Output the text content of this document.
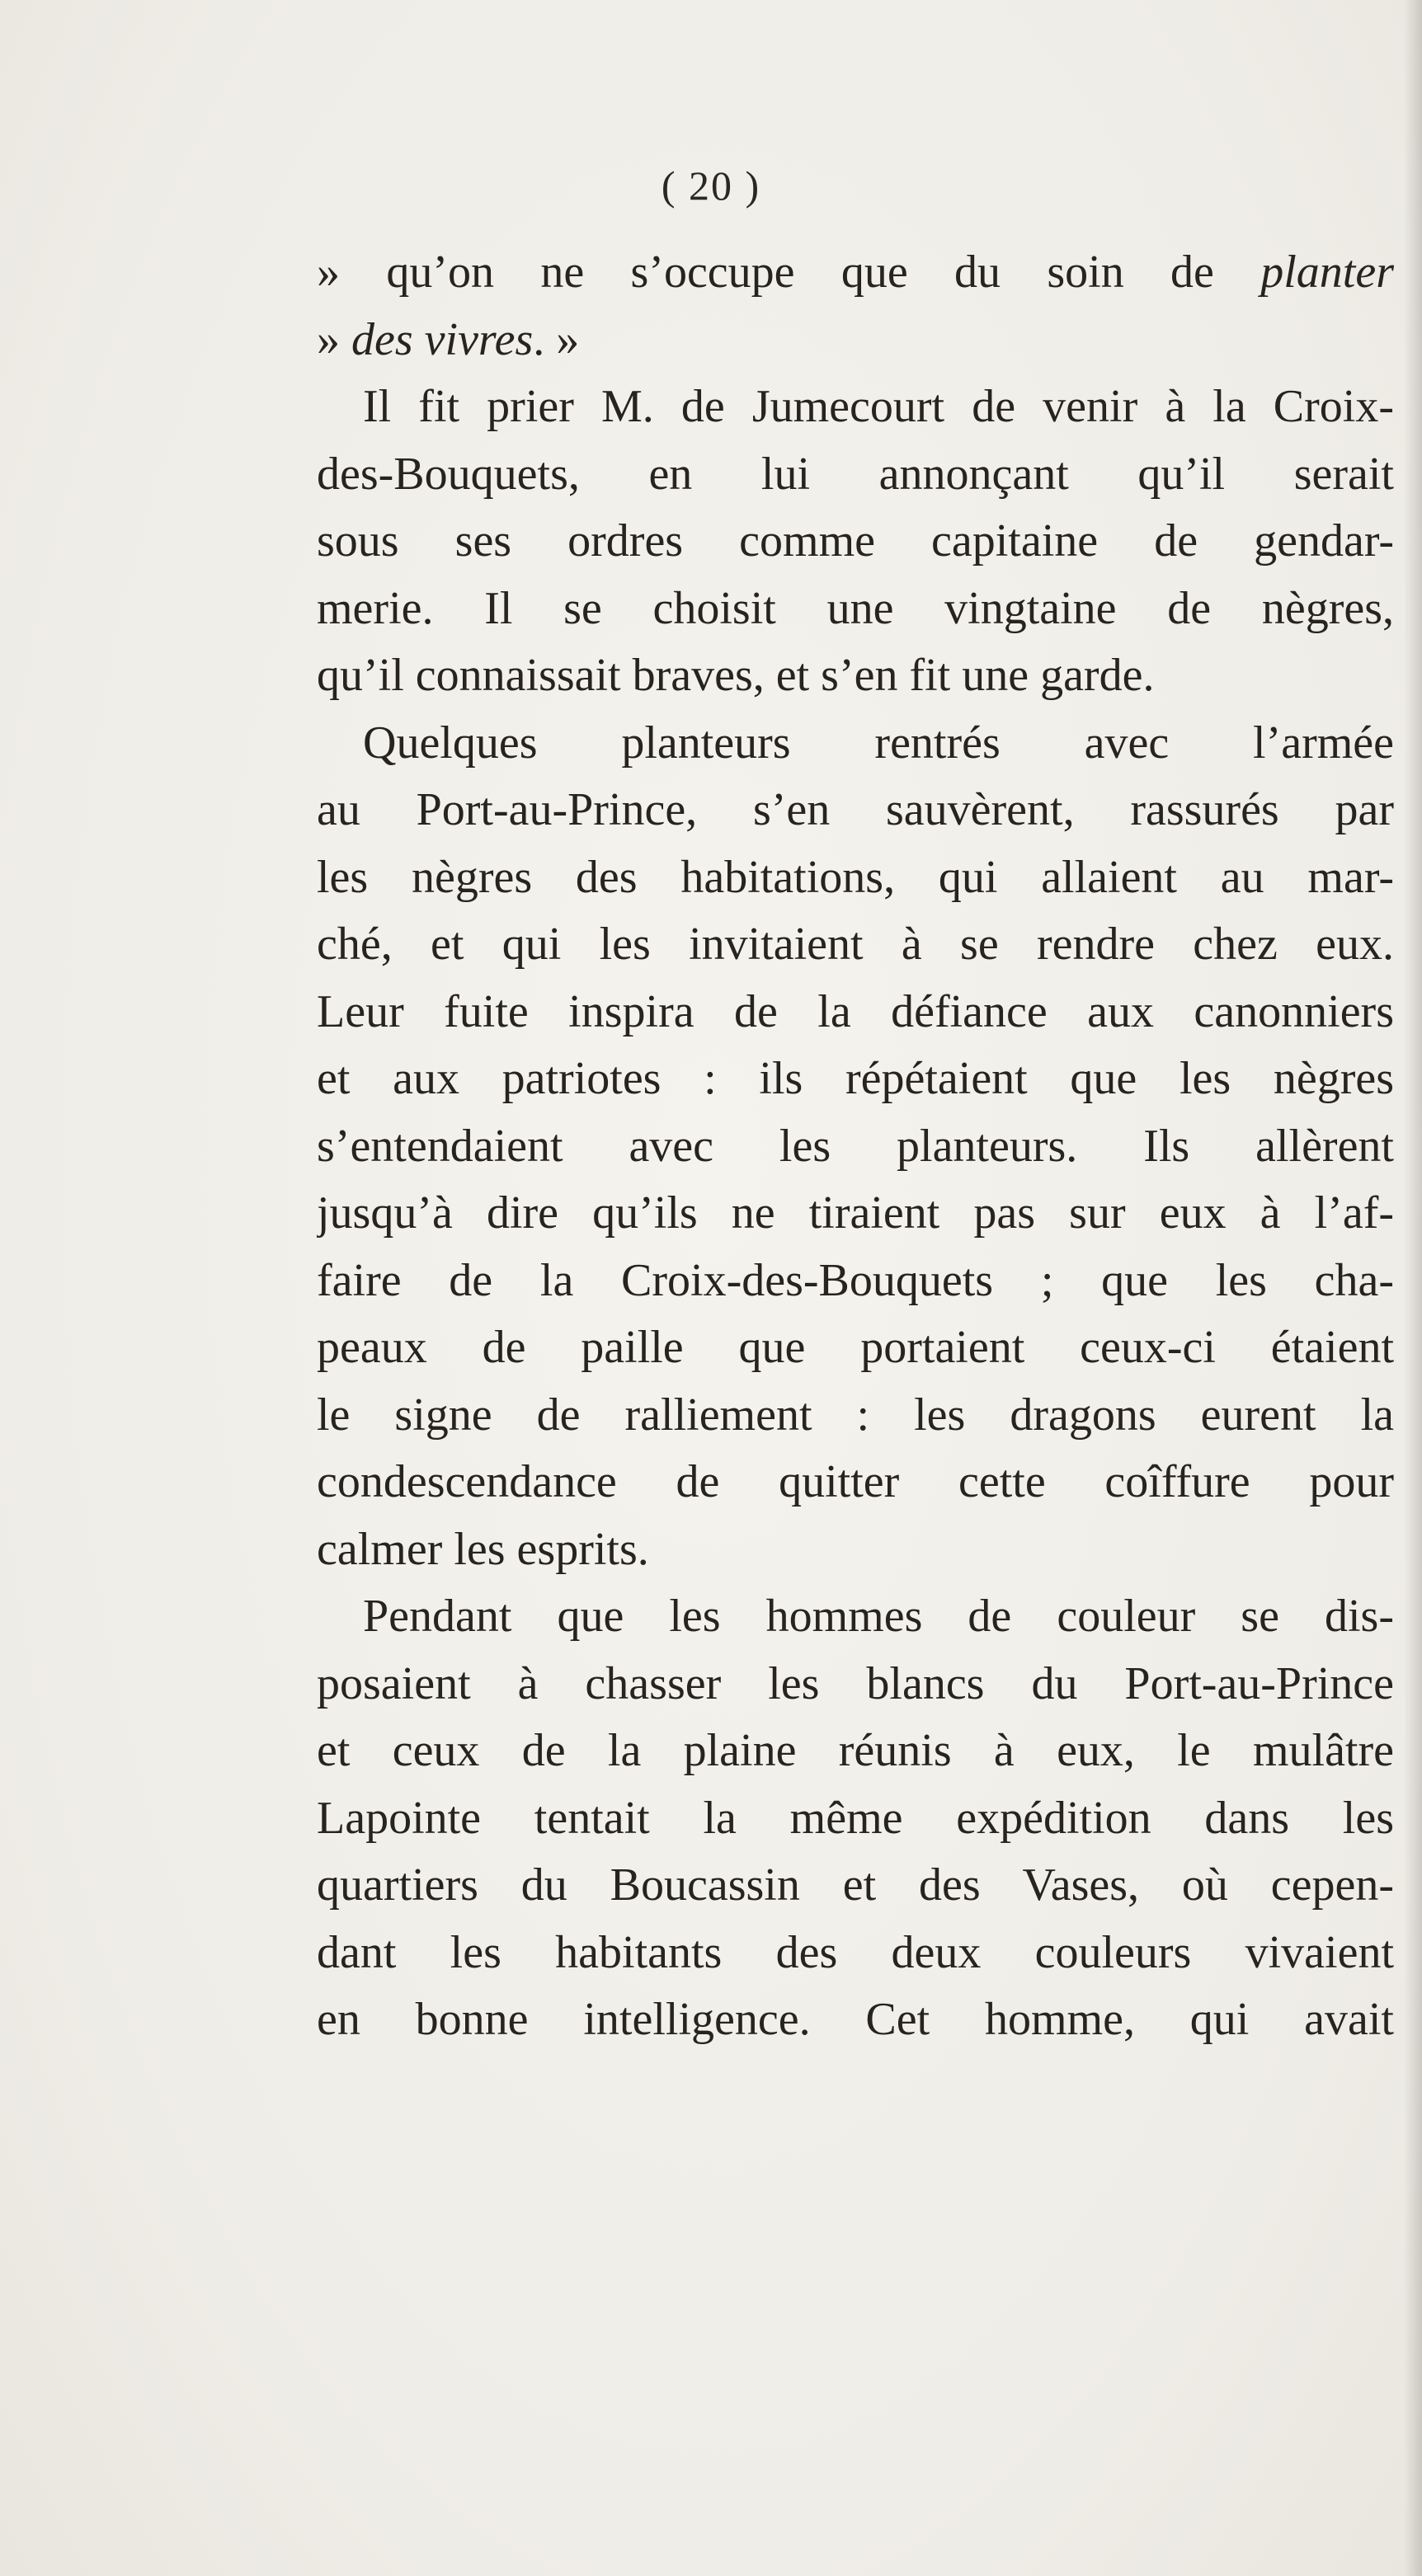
( 20 )
» qu’on ne s’occupe que du soin de planter
» des vivres. »
Il fit prier M. de Jumecourt de venir à la Croix-
des-Bouquets, en lui annonçant qu’il serait
sous ses ordres comme capitaine de gendar-
merie. Il se choisit une vingtaine de nègres,
qu’il connaissait braves, et s’en fit une garde.
Quelques planteurs rentrés avec l’armée
au Port-au-Prince, s’en sauvèrent, rassurés par
les nègres des habitations, qui allaient au mar-
ché, et qui les invitaient à se rendre chez eux.
Leur fuite inspira de la défiance aux canonniers
et aux patriotes : ils répétaient que les nègres
s’entendaient avec les planteurs. Ils allèrent
jusqu’à dire qu’ils ne tiraient pas sur eux à l’af-
faire de la Croix-des-Bouquets ; que les cha-
peaux de paille que portaient ceux-ci étaient
le signe de ralliement : les dragons eurent la
condescendance de quitter cette coîffure pour
calmer les esprits.
Pendant que les hommes de couleur se dis-
posaient à chasser les blancs du Port-au-Prince
et ceux de la plaine réunis à eux, le mulâtre
Lapointe tentait la même expédition dans les
quartiers du Boucassin et des Vases, où cepen-
dant les habitants des deux couleurs vivaient
en bonne intelligence. Cet homme, qui avait
